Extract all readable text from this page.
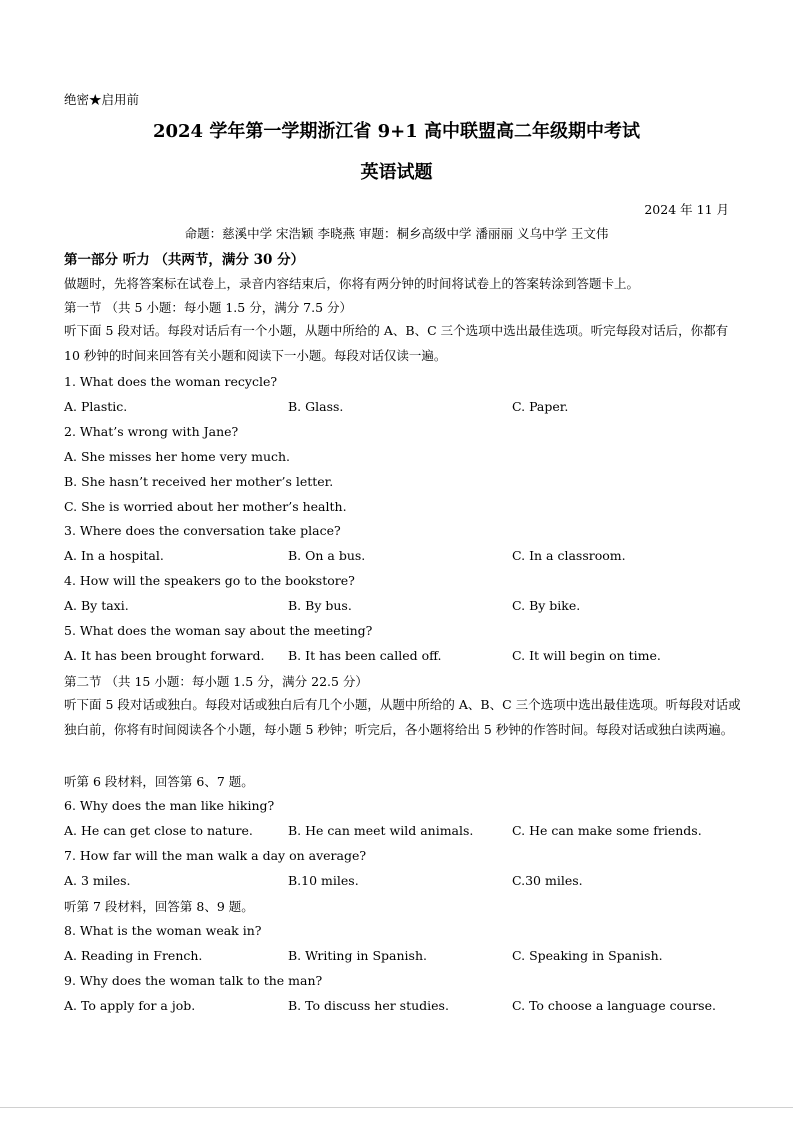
绝密★启用前
2024 学年第一学期浙江省 9+1 高中联盟高二年级期中考试
英语试题
2024 年 11 月
命题：慈溪中学 宋浩颖 李晓燕 审题：桐乡高级中学 潘丽丽 义乌中学 王文伟
第一部分 听力 （共两节，满分 30 分）
做题时，先将答案标在试卷上，录音内容结束后，你将有两分钟的时间将试卷上的答案转涂到答题卡上。
第一节 （共 5 小题：每小题 1.5 分，满分 7.5 分）
听下面 5 段对话。每段对话后有一个小题，从题中所给的 A、B、C 三个选项中选出最佳选项。听完每段对话后，你都有 10 秒钟的时间来回答有关小题和阅读下一小题。每段对话仅读一遍。
1. What does the woman recycle?
A. Plastic.	B. Glass.	C. Paper.
2. What’s wrong with Jane?
A. She misses her home very much.
B. She hasn’t received her mother’s letter.
C. She is worried about her mother’s health.
3. Where does the conversation take place?
A. In a hospital.	B. On a bus.	C. In a classroom.
4. How will the speakers go to the bookstore?
A. By taxi.	B. By bus.	C. By bike.
5. What does the woman say about the meeting?
A. It has been brought forward. B. It has been called off.	C. It will begin on time.
第二节 （共 15 小题：每小题 1.5 分，满分 22.5 分）
听下面 5 段对话或独白。每段对话或独白后有几个小题，从题中所给的 A、B、C 三个选项中选出最佳选项。听每段对话或独白前，你将有时间阅读各个小题，每小题 5 秒钟；听完后，各小题将给出 5 秒钟的作答时间。每段对话或独白读两遍。
听第 6 段材料，回答第 6、7 题。
6. Why does the man like hiking?
A. He can get close to nature.	B. He can meet wild animals.	C. He can make some friends.
7. How far will the man walk a day on average?
A. 3 miles.	B.10 miles.	C.30 miles.
听第 7 段材料，回答第 8、9 题。
8. What is the woman weak in?
A. Reading in French.	B. Writing in Spanish.	C. Speaking in Spanish.
9. Why does the woman talk to the man?
A. To apply for a job.	B. To discuss her studies.	C. To choose a language course.
